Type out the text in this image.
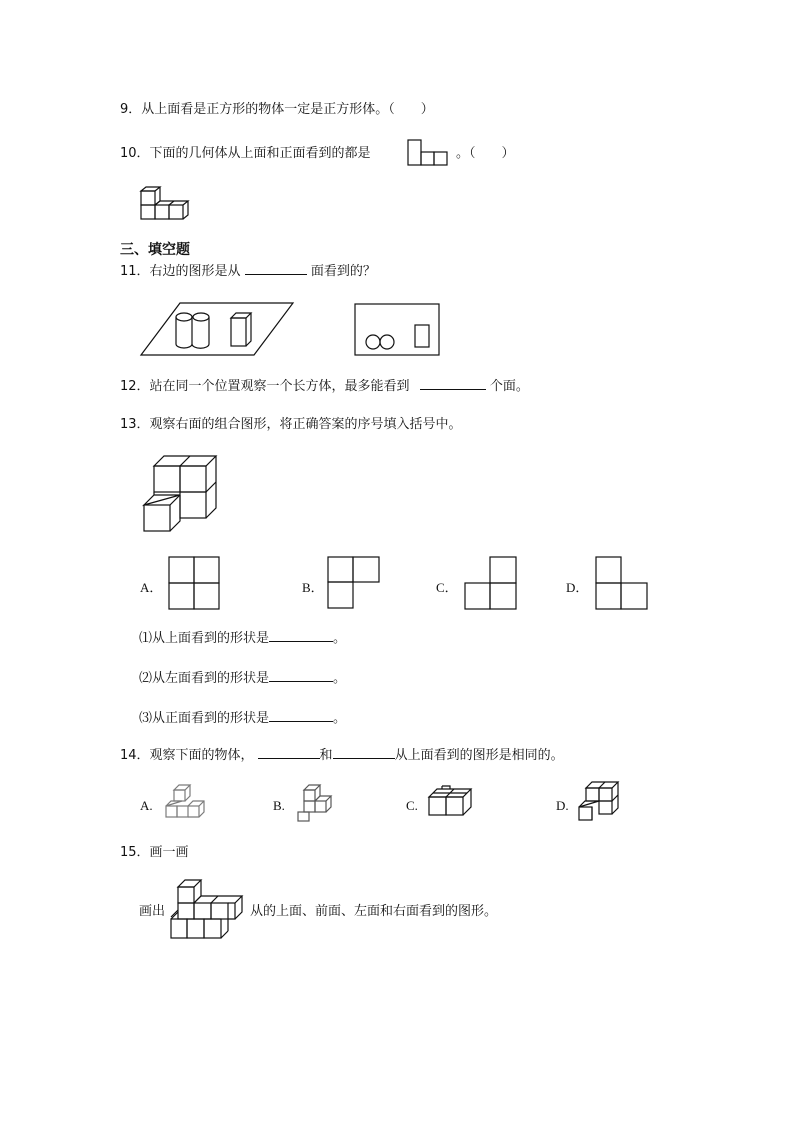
9．从上面看是正方形的物体一定是正方形体。（　　）
10．下面的几何体从上面和正面看到的都是	。（　　）
三、填空题
11．右边的图形是从	面看到的？
12．站在同一个位置观察一个长方体，最多能看到	个面。
13．观察右面的组合图形，将正确答案的序号填入括号中。
A．	B．	C．	D．
⑴从上面看到的形状是	。
⑵从左面看到的形状是	。
⑶从正面看到的形状是	。
14．观察下面的物体，	和	从上面看到的图形是相同的。
A.	B.	C.	D.
15．画一画
画出	从的上面、前面、左面和右面看到的图形。
